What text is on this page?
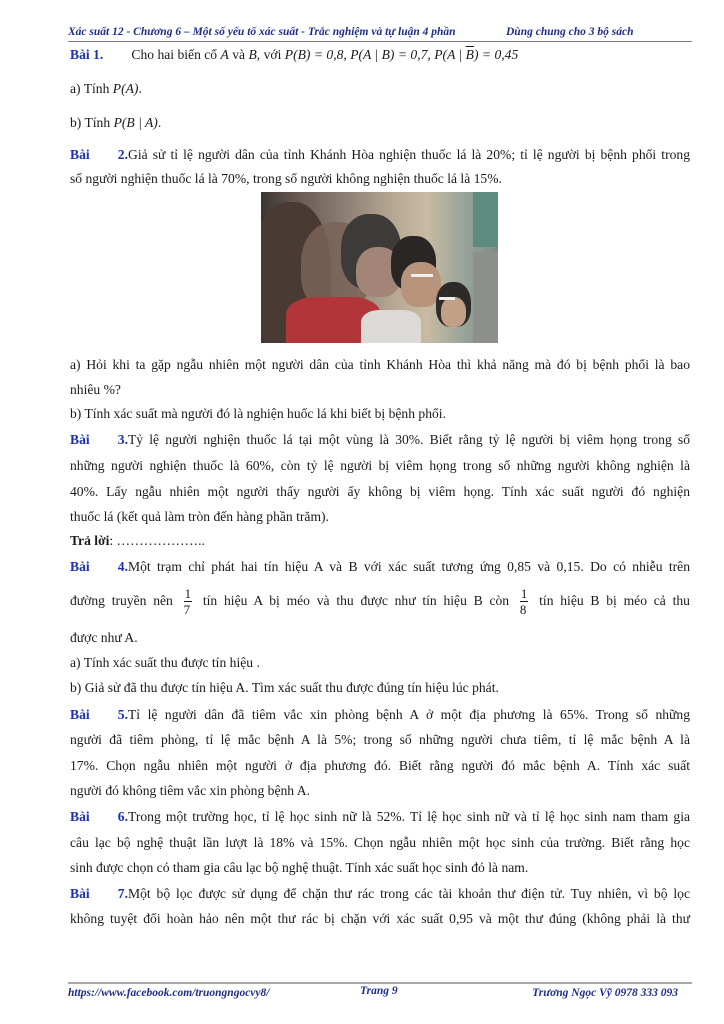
Xác suất 12 - Chương 6 – Một số yếu tố xác suất - Trắc nghiệm và tự luận 4 phần	Dùng chung cho 3 bộ sách
Bài 1. Cho hai biến cố A và B, với P(B) = 0,8, P(A | B) = 0,7, P(A | $\overline{B}) = 0,45$
a) Tính P(A).
b) Tính P(B | A).
Bài 2.Giả sử tỉ lệ người dân của tỉnh Khánh Hòa nghiện thuốc lá là 20%; tỉ lệ người bị bệnh phổi trong
số người nghiện thuốc lá là 70%, trong số người không nghiện thuốc lá là 15%.
a) Hỏi khi ta gặp ngẫu nhiên một người dân của tỉnh Khánh Hòa thì khả năng mà đó bị bệnh phổi là bao
nhiêu %?
b) Tính xác suất mà người đó là nghiện huốc lá khi biết bị bệnh phổi.
Bài 3.Tỷ lệ người nghiện thuốc lá tại một vùng là 30%. Biết rằng tỷ lệ người bị viêm họng trong số
những người nghiện thuốc là 60%, còn tỷ lệ người bị viêm họng trong số những người không nghiện là
40%. Lấy ngẫu nhiên một người thấy người ấy không bị viêm họng. Tính xác suất người đó nghiện
thuốc lá (kết quả làm tròn đến hàng phần trăm).
Trả lời: ………………..
Bài 4.Một trạm chỉ phát hai tín hiệu A và B với xác suất tương ứng 0,85 và 0,15. Do có nhiễu trên
đường truyền nên $\frac{1}{7}$ tín hiệu A bị méo và thu được như tín hiệu B còn $\frac{1}{8}$ tín hiệu B bị méo cả thu
được như A.
a) Tính xác suất thu được tín hiệu .
b) Giả sử đã thu được tín hiệu A. Tìm xác suất thu được đúng tín hiệu lúc phát.
Bài 5.Tỉ lệ người dân đã tiêm vắc xin phòng bệnh A ở một địa phương là 65%. Trong số những
người đã tiêm phòng, tỉ lệ mắc bệnh A là 5%; trong số những người chưa tiêm, tỉ lệ mắc bệnh A là
17%. Chọn ngẫu nhiên một người ở địa phương đó. Biết rằng người đó mắc bệnh A. Tính xác suất
người đó không tiêm vắc xin phòng bệnh A.
Bài 6.Trong một trường học, tỉ lệ học sinh nữ là 52%. Tỉ lệ học sinh nữ và tỉ lệ học sinh nam tham gia
câu lạc bộ nghệ thuật lần lượt là 18% và 15%. Chọn ngẫu nhiên một học sinh của trường. Biết rằng học
sinh được chọn có tham gia câu lạc bộ nghệ thuật. Tính xác suất học sinh đó là nam.
Bài 7.Một bộ lọc được sử dụng để chặn thư rác trong các tài khoản thư điện tử. Tuy nhiên, vì bộ lọc
không tuyệt đối hoàn hảo nên một thư rác bị chặn với xác suất 0,95 và một thư đúng (không phải là thư
https://www.facebook.com/truongngocvy8/	Trang 9	Trương Ngọc Vỹ 0978 333 093
